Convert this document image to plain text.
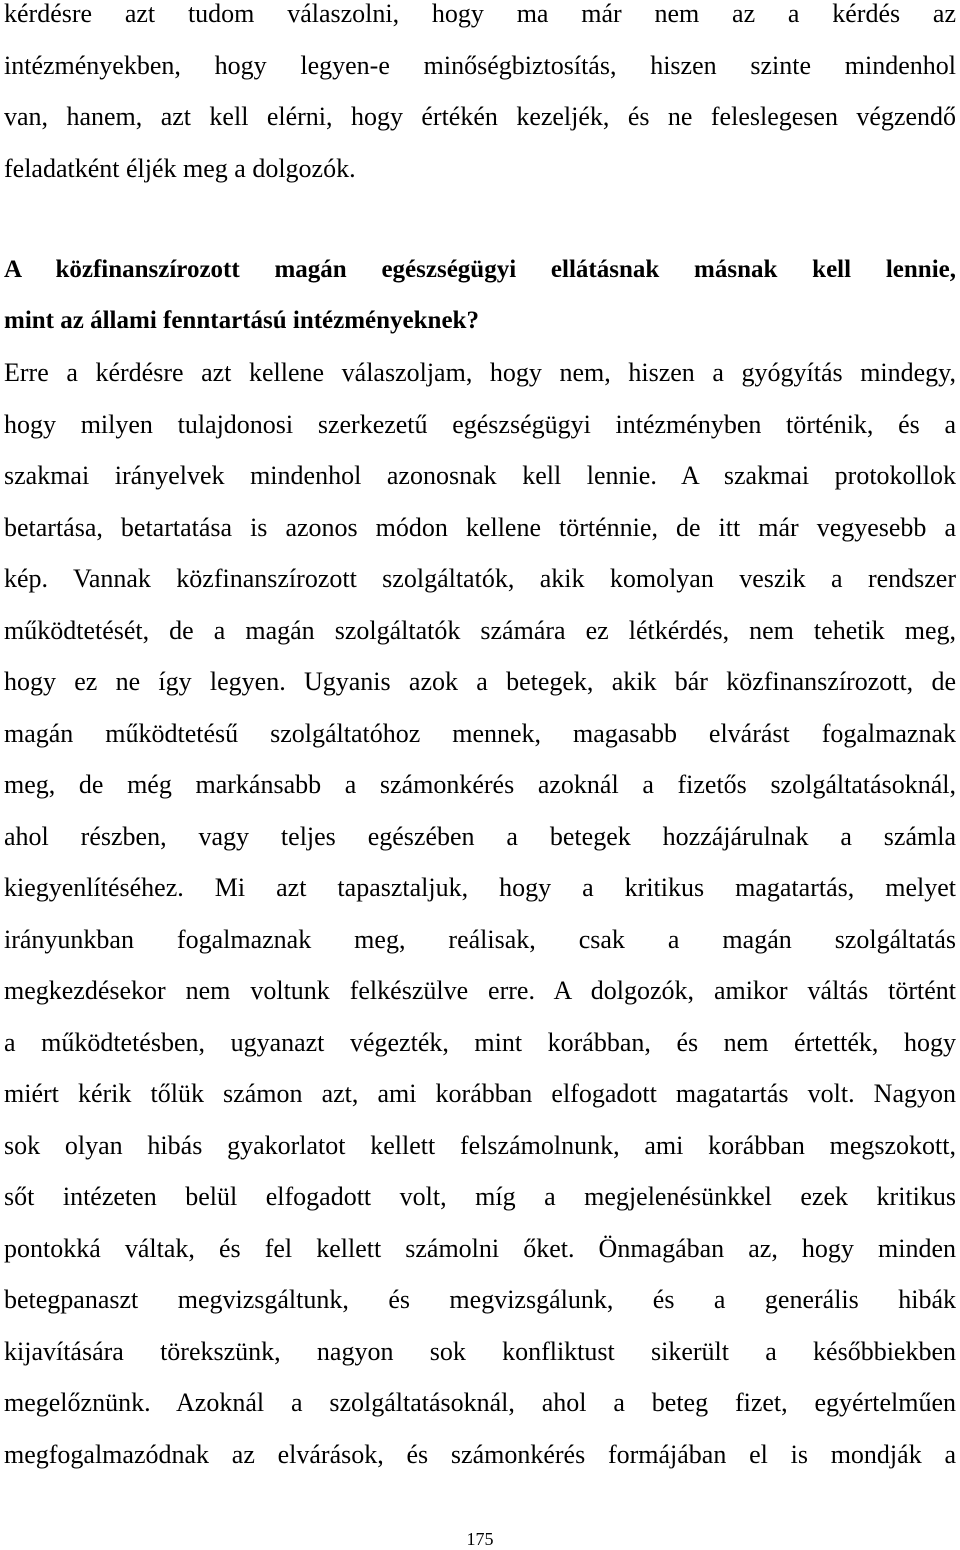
kérdésre azt tudom válaszolni, hogy ma már nem az a kérdés az
intézményekben, hogy legyen-e minőségbiztosítás, hiszen szinte mindenhol
van, hanem, azt kell elérni, hogy értékén kezeljék, és ne feleslegesen végzendő
feladatként éljék meg a dolgozók.
A közfinanszírozott magán egészségügyi ellátásnak másnak kell lennie,
mint az állami fenntartású intézményeknek?
Erre a kérdésre azt kellene válaszoljam, hogy nem, hiszen a gyógyítás mindegy,
hogy milyen tulajdonosi szerkezetű egészségügyi intézményben történik, és a
szakmai irányelvek mindenhol azonosnak kell lennie. A szakmai protokollok
betartása, betartatása is azonos módon kellene történnie, de itt már vegyesebb a
kép. Vannak közfinanszírozott szolgáltatók, akik komolyan veszik a rendszer
működtetését, de a magán szolgáltatók számára ez létkérdés, nem tehetik meg,
hogy ez ne így legyen. Ugyanis azok a betegek, akik bár közfinanszírozott, de
magán működtetésű szolgáltatóhoz mennek, magasabb elvárást fogalmaznak
meg, de még markánsabb a számonkérés azoknál a fizetős szolgáltatásoknál,
ahol részben, vagy teljes egészében a betegek hozzájárulnak a számla
kiegyenlítéséhez. Mi azt tapasztaljuk, hogy a kritikus magatartás, melyet
irányunkban fogalmaznak meg, reálisak, csak a magán szolgáltatás
megkezdésekor nem voltunk felkészülve erre. A dolgozók, amikor váltás történt
a működtetésben, ugyanazt végezték, mint korábban, és nem értették, hogy
miért kérik tőlük számon azt, ami korábban elfogadott magatartás volt. Nagyon
sok olyan hibás gyakorlatot kellett felszámolnunk, ami korábban megszokott,
sőt intézeten belül elfogadott volt, míg a megjelenésünkkel ezek kritikus
pontokká váltak, és fel kellett számolni őket. Önmagában az, hogy minden
betegpanaszt megvizsgáltunk, és megvizsgálunk, és a generális hibák
kijavítására törekszünk, nagyon sok konfliktust sikerült a későbbiekben
megelőznünk. Azoknál a szolgáltatásoknál, ahol a beteg fizet, egyértelműen
megfogalmazódnak az elvárások, és számonkérés formájában el is mondják a
175
